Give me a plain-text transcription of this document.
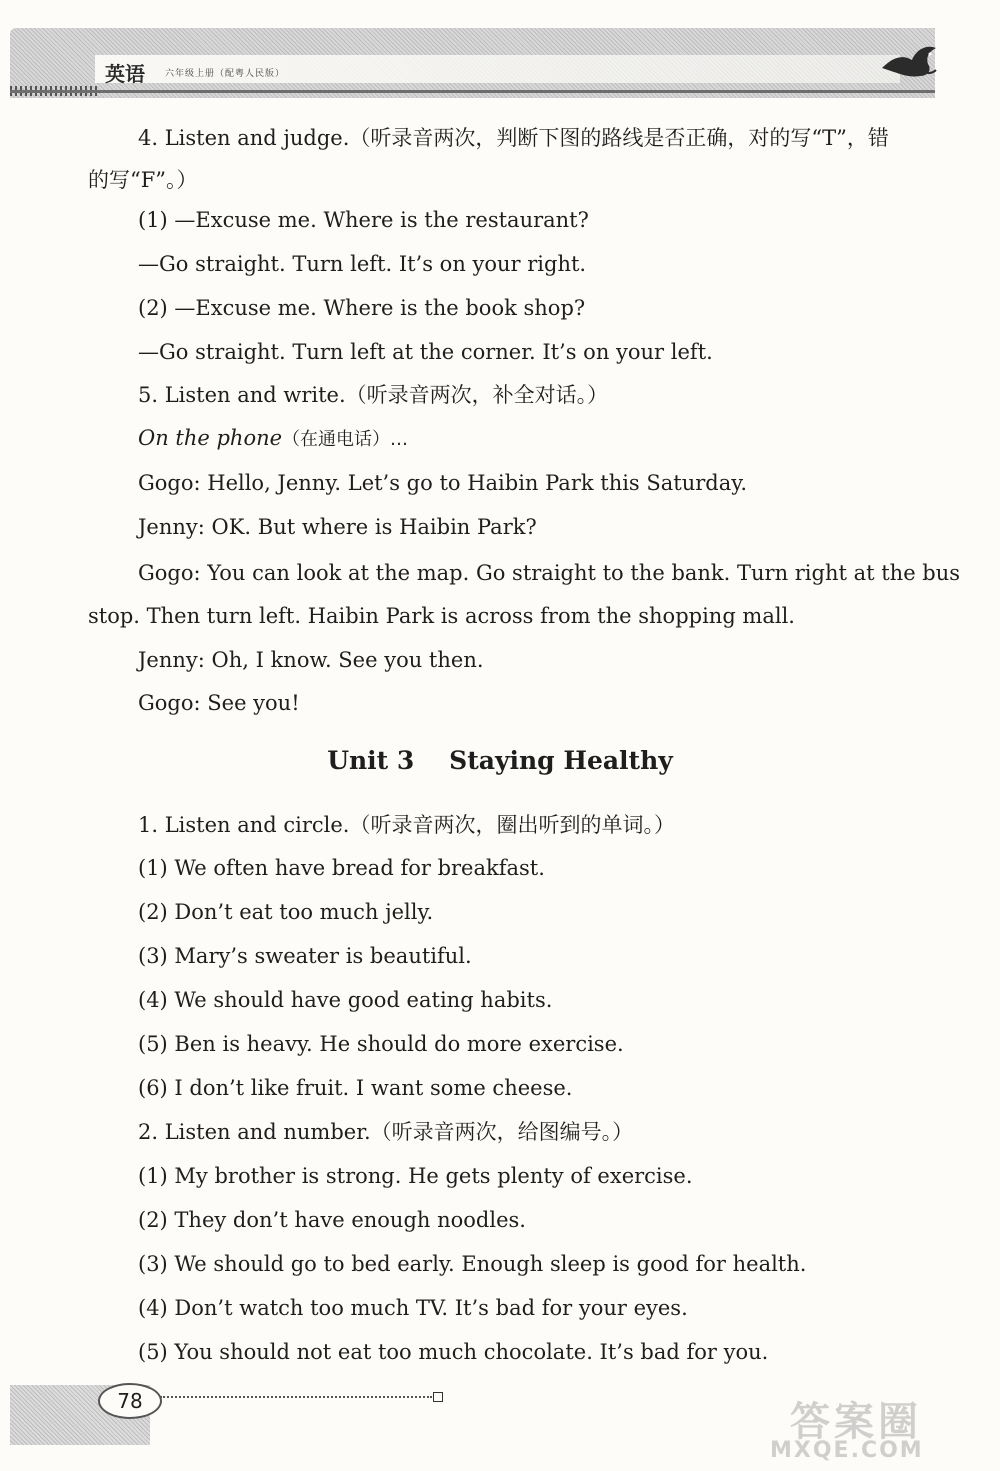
英语 六年级上册（配粤人民版）
4. Listen and judge.（听录音两次，判断下图的路线是否正确，对的写“T”，错
的写“F”。）
(1) —Excuse me. Where is the restaurant?
—Go straight. Turn left. It’s on your right.
(2) —Excuse me. Where is the book shop?
—Go straight. Turn left at the corner. It’s on your left.
5. Listen and write.（听录音两次，补全对话。）
On the phone（在通电话）…
Gogo: Hello, Jenny. Let’s go to Haibin Park this Saturday.
Jenny: OK. But where is Haibin Park?
Gogo: You can look at the map. Go straight to the bank. Turn right at the bus
stop. Then turn left. Haibin Park is across from the shopping mall.
Jenny: Oh, I know. See you then.
Gogo: See you!
Unit 3    Staying Healthy
1. Listen and circle.（听录音两次，圈出听到的单词。）
(1) We often have bread for breakfast.
(2) Don’t eat too much jelly.
(3) Mary’s sweater is beautiful.
(4) We should have good eating habits.
(5) Ben is heavy. He should do more exercise.
(6) I don’t like fruit. I want some cheese.
2. Listen and number.（听录音两次，给图编号。）
(1) My brother is strong. He gets plenty of exercise.
(2) They don’t have enough noodles.
(3) We should go to bed early. Enough sleep is good for health.
(4) Don’t watch too much TV. It’s bad for your eyes.
(5) You should not eat too much chocolate. It’s bad for you.
78	答案圈
MXQE.COM
